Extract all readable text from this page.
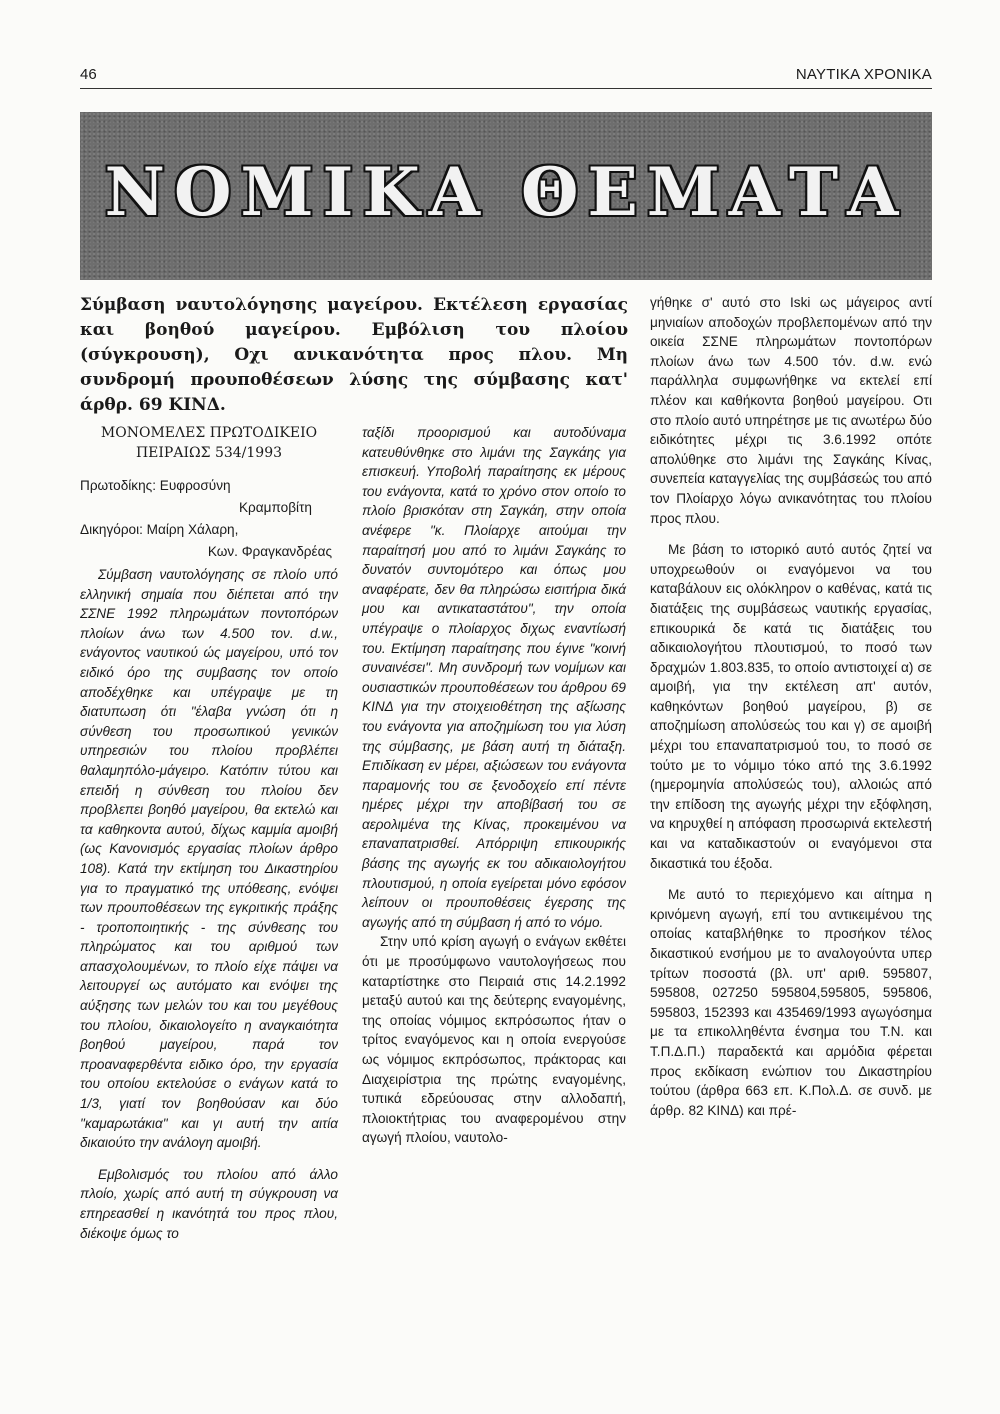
46	ΝΑΥΤΙΚΑ ΧΡΟΝΙΚΑ
ΝΟΜΙΚΑ ΘΕΜΑΤΑ
Σύμβαση ναυτολόγησης μαγείρου. Εκτέλεση εργασίας και βοηθού μαγείρου. Εμβόλιση του πλοίου (σύγκρουση), Οχι ανικανότητα προς πλου. Μη συνδρομή προυποθέσεων λύσης της σύμβασης κατ' άρθρ. 69 ΚΙΝΔ.
ΜΟΝΟΜΕΛΕΣ ΠΡΩΤΟΔΙΚΕΙΟ
ΠΕΙΡΑΙΩΣ 534/1993
Πρωτοδίκης: Ευφροσύνη
Κραμποβίτη
Δικηγόροι: Μαίρη Χάλαρη,
Κων. Φραγκανδρέας

Σύμβαση ναυτολόγησης σε πλοίο υπό ελληνική σημαία που διέπεται από την ΣΣΝΕ 1992 πληρωμάτων ποντοπόρων πλοίων άνω των 4.500 τον. d.w., ενάγοντος ναυτικού ώς μαγείρου, υπό τον ειδικό όρο της συμβασης τον οποίο αποδέχθηκε και υπέγραψε με τη διατυπωση ότι "έλαβα γνώση ότι η σύνθεση του προσωπικού γενικών υπηρεσιών του πλοίου προβλέπει θαλαμηπόλο-μάγειρο. Κατόπιν τύτου και επειδή η σύνθεση του πλοίου δεν προβλεπει βοηθό μαγείρου, θα εκτελώ και τα καθηκοντα αυτού, δίχως καμμία αμοιβή (ως Κανονισμός εργασίας πλοίων άρθρο 108). Κατά την εκτίμηση του Δικαστηρίου για το πραγματικό της υπόθεσης, ενόψει των προυποθέσεων της εγκριτικής πράξης - τροποποιητικής - της σύνθεσης του πληρώματος και του αριθμού των απασχολουμένων, το πλοίο είχε πάψει να λειτουργεί ως αυτόματο και ενόψει της αύξησης των μελών του και του μεγέθους του πλοίου, δικαιολογείτο η αναγκαιότητα βοηθού μαγείρου, παρά τον προαναφερθέντα ειδικο όρο, την εργασία του οποίου εκτελούσε ο ενάγων κατά το 1/3, γιατί τον βοηθούσαν και δύο "καμαρωτάκια" και γι αυτή την αιτία δικαιούτο την ανάλογη αμοιβή.

Εμβολισμός του πλοίου από άλλο πλοίο, χωρίς από αυτή τη σύγκρουση να επηρεασθεί η ικανότητά του προς πλου, διέκοψε όμως το

ταξίδι προορισμού και αυτοδύναμα κατευθύνθηκε στο λιμάνι της Σαγκάης για επισκευή. Υποβολή παραίτησης εκ μέρους του ενάγοντα, κατά το χρόνο στον οποίο το πλοίο βρισκόταν στη Σαγκάη, στην οποία ανέφερε "κ. Πλοίαρχε αιτούμαι την παραίτησή μου από το λιμάνι Σαγκάης το δυνατόν συντομότερο και όπως μου αναφέρατε, δεν θα πληρώσω εισιτήρια δικά μου και αντικαταστάτου", την οποία υπέγραψε ο πλοίαρχος διχως εναντίωσή του. Εκτίμηση παραίτησης που έγινε "κοινή συναινέσει". Μη συνδρομή των νομίμων και ουσιαστικών προυποθέσεων του άρθρου 69 ΚΙΝΔ για την στοιχειοθέτηση της αξίωσης του ενάγοντα για αποζημίωση του για λύση της σύμβασης, με βάση αυτή τη διάταξη. Επιδίκαση εν μέρει, αξιώσεων του ενάγοντα παραμονής του σε ξενοδοχείο επί πέντε ημέρες μέχρι την αποβίβασή του σε αερολιμένα της Κίνας, προκειμένου να επαναπατρισθεί. Απόρριψη επικουρικής βάσης της αγωγής εκ του αδικαιολογήτου πλουτισμού, η οποία εγείρεται μόνο εφόσον λείπουν οι προυποθέσεις έγερσης της αγωγής από τη σύμβαση ή από το νόμο.

Στην υπό κρίση αγωγή ο ενάγων εκθέτει ότι με προσύμφωνο ναυτολογήσεως που καταρτίστηκε στο Πειραιά στις 14.2.1992 μεταξύ αυτού και της δεύτερης εναγομένης, της οποίας νόμιμος εκπρόσωπος ήταν ο τρίτος εναγόμενος και η οποία ενεργούσε ως νόμιμος εκπρόσωπος, πράκτορας και Διαχειρίστρια της πρώτης εναγομένης, τυπικά εδρεύουσας στην αλλοδαπή, πλοιοκτήτριας του αναφερομένου στην αγωγή πλοίου, ναυτολο-

γήθηκε σ' αυτό στο Iski ως μάγειρος αντί μηνιαίων αποδοχών προβλεπομένων από την οικεία ΣΣΝΕ πληρωμάτων ποντοπόρων πλοίων άνω των 4.500 τόν. d.w. ενώ παράλληλα συμφωνήθηκε να εκτελεί επί πλέον και καθήκοντα βοηθού μαγείρου. Οτι στο πλοίο αυτό υπηρέτησε με τις ανωτέρω δύο ειδικότητες μέχρι τις 3.6.1992 οπότε απολύθηκε στο λιμάνι της Σαγκάης Κίνας, συνεπεία καταγγελίας της συμβάσεώς του από τον Πλοίαρχο λόγω ανικανότητας του πλοίου προς πλου.

Με βάση το ιστορικό αυτό αυτός ζητεί να υποχρεωθούν οι εναγόμενοι να του καταβάλουν εις ολόκληρον ο καθένας, κατά τις διατάξεις της συμβάσεως ναυτικής εργασίας, επικουρικά δε κατά τις διατάξεις του αδικαιολογήτου πλουτισμού, το ποσό των δραχμών 1.803.835, το οποίο αντιστοιχεί α) σε αμοιβή, για την εκτέλεση απ' αυτόν, καθηκόντων βοηθού μαγείρου, β) σε αποζημίωση απολύσεώς του και γ) σε αμοιβή μέχρι του επαναπατρισμού του, το ποσό σε τούτο με το νόμιμο τόκο από της 3.6.1992 (ημερομηνία απολύσεώς του), αλλοιώς από την επίδοση της αγωγής μέχρι την εξόφληση, να κηρυχθεί η απόφαση προσωρινά εκτελεστή και να καταδικαστούν οι εναγόμενοι στα δικαστικά του έξοδα.

Με αυτό το περιεχόμενο και αίτημα η κρινόμενη αγωγή, επί του αντικειμένου της οποίας καταβλήθηκε το προσήκον τέλος δικαστικού ενσήμου με το αναλογούντα υπερ τρίτων ποσοστά (βλ. υπ' αριθ. 595807, 595808, 027250 595804,595805, 595806, 595803, 152393 και 435469/1993 αγωγόσημα με τα επικολληθέντα ένσημα του Τ.Ν. και Τ.Π.Δ.Π.) παραδεκτά και αρμόδια φέρεται προς εκδίκαση ενώπιον του Δικαστηρίου τούτου (άρθρα 663 επ. Κ.Πολ.Δ. σε συνδ. με άρθρ. 82 ΚΙΝΔ) και πρέ-
